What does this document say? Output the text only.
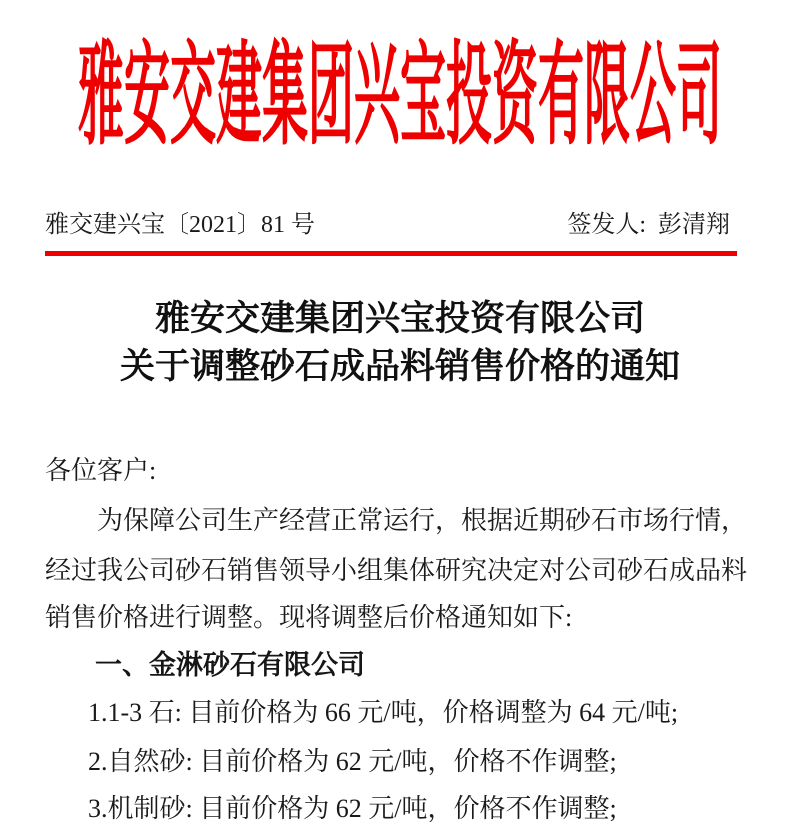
雅安交建集团兴宝投资有限公司
雅交建兴宝〔2021〕81 号	签发人: 彭清翔
雅安交建集团兴宝投资有限公司
关于调整砂石成品料销售价格的通知
各位客户:
为保障公司生产经营正常运行，根据近期砂石市场行情，
经过我公司砂石销售领导小组集体研究决定对公司砂石成品料
销售价格进行调整。现将调整后价格通知如下:
一、金淋砂石有限公司
1.1-3 石: 目前价格为 66 元/吨，价格调整为 64 元/吨;
2.自然砂: 目前价格为 62 元/吨，价格不作调整;
3.机制砂: 目前价格为 62 元/吨，价格不作调整;
